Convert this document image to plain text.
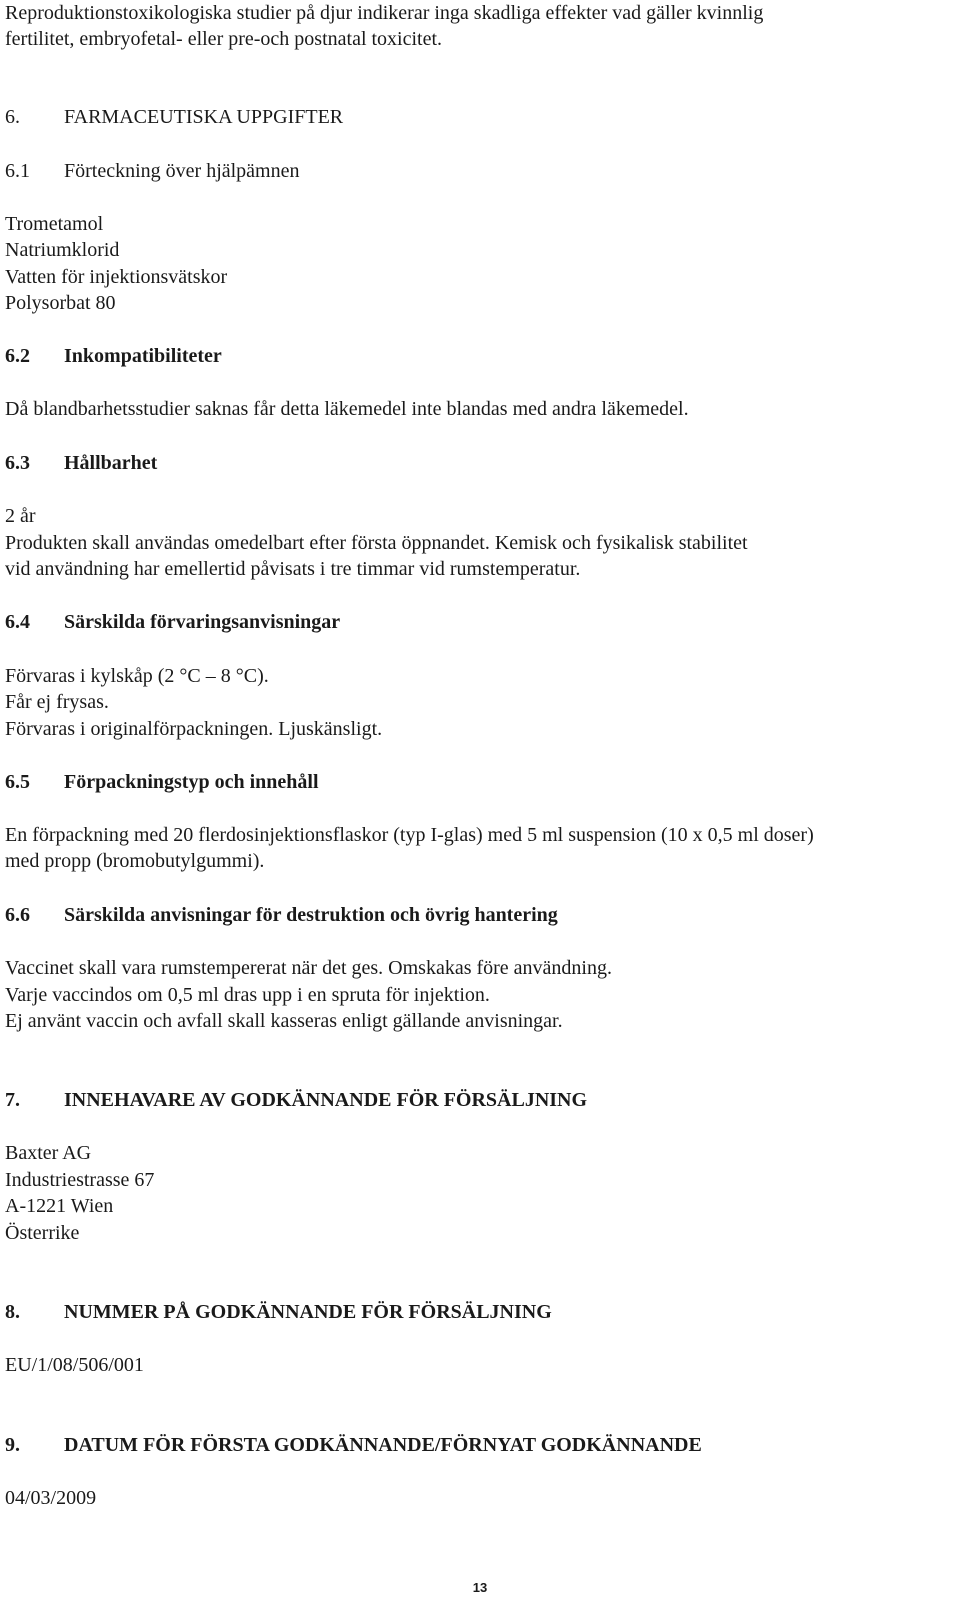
Reproduktionstoxikologiska studier på djur indikerar inga skadliga effekter vad gäller kvinnlig
fertilitet, embryofetal- eller pre-och postnatal toxicitet.
6. FARMACEUTISKA UPPGIFTER
6.1 Förteckning över hjälpämnen
Trometamol
Natriumklorid
Vatten för injektionsvätskor
Polysorbat 80
6.2 Inkompatibiliteter
Då blandbarhetsstudier saknas får detta läkemedel inte blandas med andra läkemedel.
6.3 Hållbarhet
2 år
Produkten skall användas omedelbart efter första öppnandet. Kemisk och fysikalisk stabilitet
vid användning har emellertid påvisats i tre timmar vid rumstemperatur.
6.4 Särskilda förvaringsanvisningar
Förvaras i kylskåp (2 °C – 8 °C).
Får ej frysas.
Förvaras i originalförpackningen. Ljuskänsligt.
6.5 Förpackningstyp och innehåll
En förpackning med 20 flerdosinjektionsflaskor (typ I-glas) med 5 ml suspension (10 x 0,5 ml doser)
med propp (bromobutylgummi).
6.6 Särskilda anvisningar för destruktion och övrig hantering
Vaccinet skall vara rumstempererat när det ges. Omskakas före användning.
Varje vaccindos om 0,5 ml dras upp i en spruta för injektion.
Ej använt vaccin och avfall skall kasseras enligt gällande anvisningar.
7. INNEHAVARE AV GODKÄNNANDE FÖR FÖRSÄLJNING
Baxter AG
Industriestrasse 67
A-1221 Wien
Österrike
8. NUMMER PÅ GODKÄNNANDE FÖR FÖRSÄLJNING
EU/1/08/506/001
9. DATUM FÖR FÖRSTA GODKÄNNANDE/FÖRNYAT GODKÄNNANDE
04/03/2009
13
